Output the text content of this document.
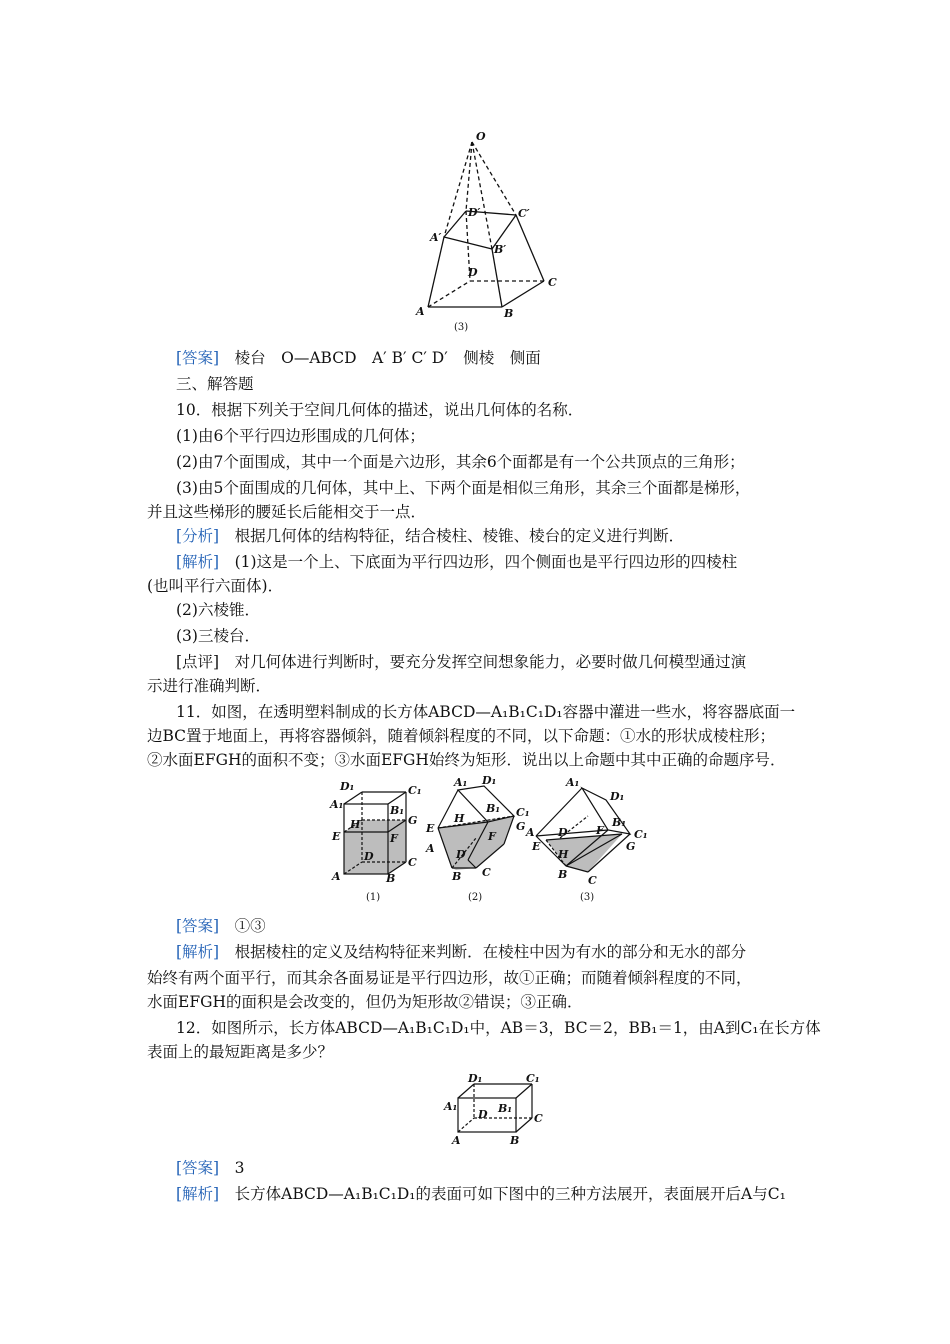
O
D′	C′
A′
B′
D
C
A	B
(3)
[答案]　 棱台　O—ABCD　A′ B′ C′ D′　侧棱　侧面
三、解答题
10．根据下列关于空间几何体的描述，说出几何体的名称．
(1)由6个平行四边形围成的几何体；
(2)由7个面围成，其中一个面是六边形，其余6个面都是有一个公共顶点的三角形；
(3)由5个面围成的几何体，其中上、下两个面是相似三角形，其余三个面都是梯形，
并且这些梯形的腰延长后能相交于一点．
[分析]　 根据几何体的结构特征，结合棱柱、棱锥、棱台的定义进行判断．
[解析]　 (1)这是一个上、下底面为平行四边形，四个侧面也是平行四边形的四棱柱
(也叫平行六面体)．
(2)六棱锥．
(3)三棱台．
[点评]　 对几何体进行判断时，要充分发挥空间想象能力，必要时做几何模型通过演
示进行准确判断．
11．如图，在透明塑料制成的长方体ABCD—A₁B₁C₁D₁容器中灌进一些水，将容器底面一
边BC置于地面上，再将容器倾斜，随着倾斜程度的不同，以下命题：①水的形状成棱柱形；
②水面EFGH的面积不变；③水面EFGH始终为矩形．说出以上命题中其中正确的命题序号．
D₁	C₁
A₁	B₁
H	G
E	F
D	C
A	B
(1)
A₁ D₁
C₁
B₁
H
E	G
F
A D
B C
(2)
A₁
D₁
B₁
C₁
A D	F
E
H
G
B C
(3)
[答案]　 ①③
[解析]　 根据棱柱的定义及结构特征来判断．在棱柱中因为有水的部分和无水的部分
始终有两个面平行，而其余各面易证是平行四边形，故①正确；而随着倾斜程度的不同，
水面EFGH的面积是会改变的，但仍为矩形故②错误；③正确．
12．如图所示，长方体ABCD—A₁B₁C₁D₁中，AB＝3，BC＝2，BB₁＝1，由A到C₁在长方体
表面上的最短距离是多少？
D₁	C₁
A₁	B₁
D	C
A	B
[答案]　 3
[解析]　 长方体ABCD—A₁B₁C₁D₁的表面可如下图中的三种方法展开，表面展开后A与C₁
